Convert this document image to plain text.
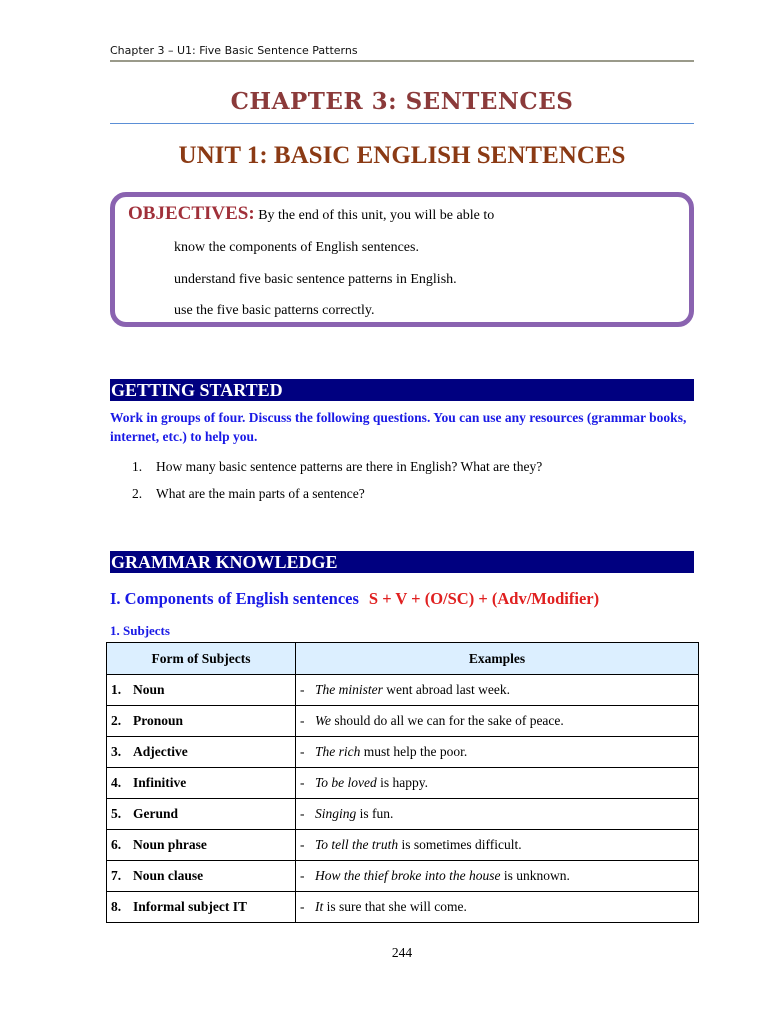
Chapter 3 – U1: Five Basic Sentence Patterns
CHAPTER 3: SENTENCES
UNIT 1: BASIC ENGLISH SENTENCES
OBJECTIVES: By the end of this unit, you will be able to
know the components of English sentences.
understand five basic sentence patterns in English.
use the five basic patterns correctly.
GETTING STARTED
Work in groups of four. Discuss the following questions. You can use any resources (grammar books, internet, etc.) to help you.
1. How many basic sentence patterns are there in English? What are they?
2. What are the main parts of a sentence?
GRAMMAR KNOWLEDGE
I. Components of English sentences S + V + (O/SC) + (Adv/Modifier)
1. Subjects
Form of Subjects	Examples
1. Noun	- The minister went abroad last week.
2. Pronoun	- We should do all we can for the sake of peace.
3. Adjective	- The rich must help the poor.
4. Infinitive	- To be loved is happy.
5. Gerund	- Singing is fun.
6. Noun phrase	- To tell the truth is sometimes difficult.
7. Noun clause	- How the thief broke into the house is unknown.
8. Informal subject IT	- It is sure that she will come.
244
